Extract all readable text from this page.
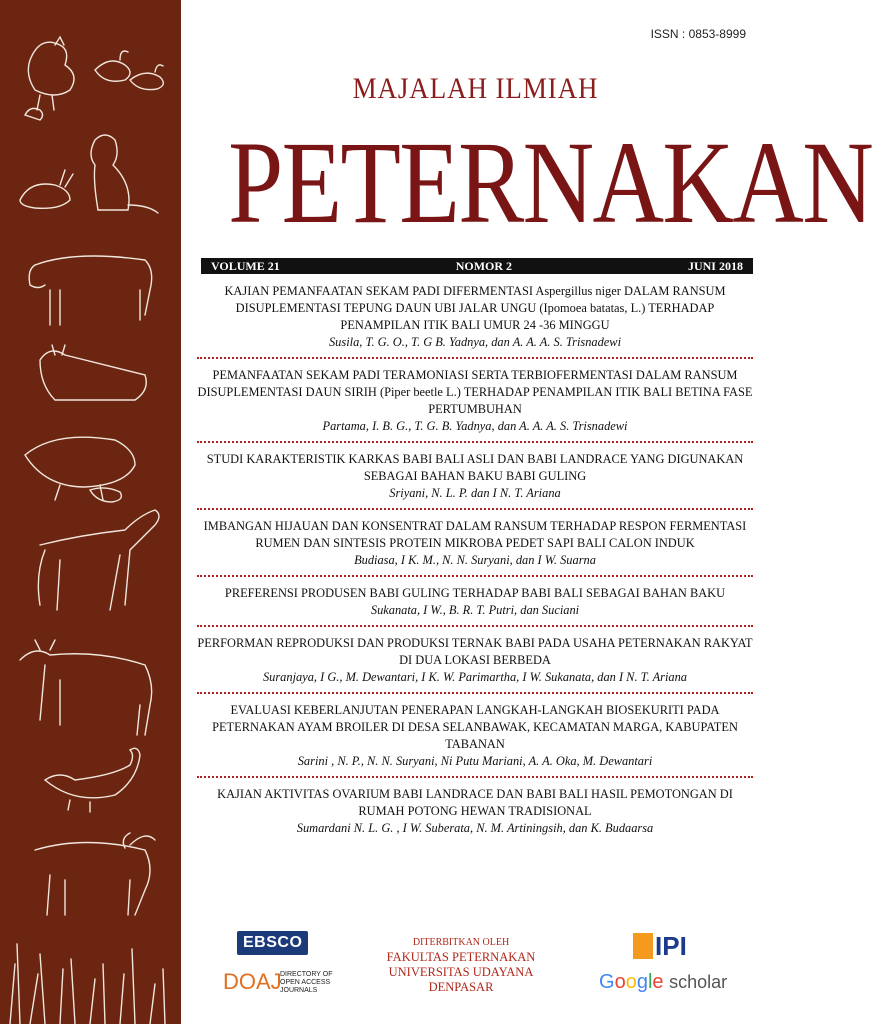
ISSN : 0853-8999
MAJALAH ILMIAH
PETERNAKAN
VOLUME 21	NOMOR 2	JUNI 2018
KAJIAN PEMANFAATAN SEKAM PADI DIFERMENTASI Aspergillus niger DALAM RANSUM DISUPLEMENTASI TEPUNG DAUN UBI JALAR UNGU (Ipomoea batatas, L.) TERHADAP PENAMPILAN ITIK BALI UMUR 24 -36 MINGGU
Susila, T. G. O., T. G B. Yadnya, dan A. A. A. S. Trisnadewi
PEMANFAATAN SEKAM PADI TERAMONIASI SERTA TERBIOFERMENTASI DALAM RANSUM DISUPLEMENTASI DAUN SIRIH (Piper beetle L.) TERHADAP PENAMPILAN ITIK BALI BETINA FASE PERTUMBUHAN
Partama, I. B. G., T. G. B. Yadnya, dan A. A. A. S. Trisnadewi
STUDI KARAKTERISTIK KARKAS BABI BALI ASLI DAN BABI LANDRACE YANG DIGUNAKAN SEBAGAI BAHAN BAKU BABI GULING
Sriyani, N. L. P. dan I N. T. Ariana
IMBANGAN HIJAUAN DAN KONSENTRAT DALAM RANSUM TERHADAP RESPON FERMENTASI RUMEN DAN SINTESIS PROTEIN MIKROBA PEDET SAPI BALI CALON INDUK
Budiasa, I K. M., N. N. Suryani, dan I W. Suarna
PREFERENSI PRODUSEN BABI GULING TERHADAP BABI BALI SEBAGAI BAHAN BAKU
Sukanata, I W., B. R. T. Putri, dan Suciani
PERFORMAN REPRODUKSI DAN PRODUKSI TERNAK BABI PADA USAHA PETERNAKAN RAKYAT DI DUA LOKASI BERBEDA
Suranjaya, I G., M. Dewantari, I K. W. Parimartha, I W. Sukanata, dan I N. T. Ariana
EVALUASI KEBERLANJUTAN PENERAPAN LANGKAH-LANGKAH BIOSEKURITI PADA PETERNAKAN AYAM BROILER DI DESA SELANBAWAK, KECAMATAN MARGA, KABUPATEN TABANAN
Sarini , N. P., N. N. Suryani, Ni Putu Mariani, A. A. Oka, M. Dewantari
KAJIAN AKTIVITAS OVARIUM BABI LANDRACE DAN BABI BALI HASIL PEMOTONGAN DI RUMAH POTONG HEWAN TRADISIONAL
Sumardani N. L. G. , I W. Suberata, N. M. Artiningsih, dan K. Budaarsa
EBSCO
DOAJ
DIRECTORY OF
OPEN ACCESS
JOURNALS
DITERBITKAN OLEH
FAKULTAS PETERNAKAN
UNIVERSITAS UDAYANA
DENPASAR
IPI
Google scholar
